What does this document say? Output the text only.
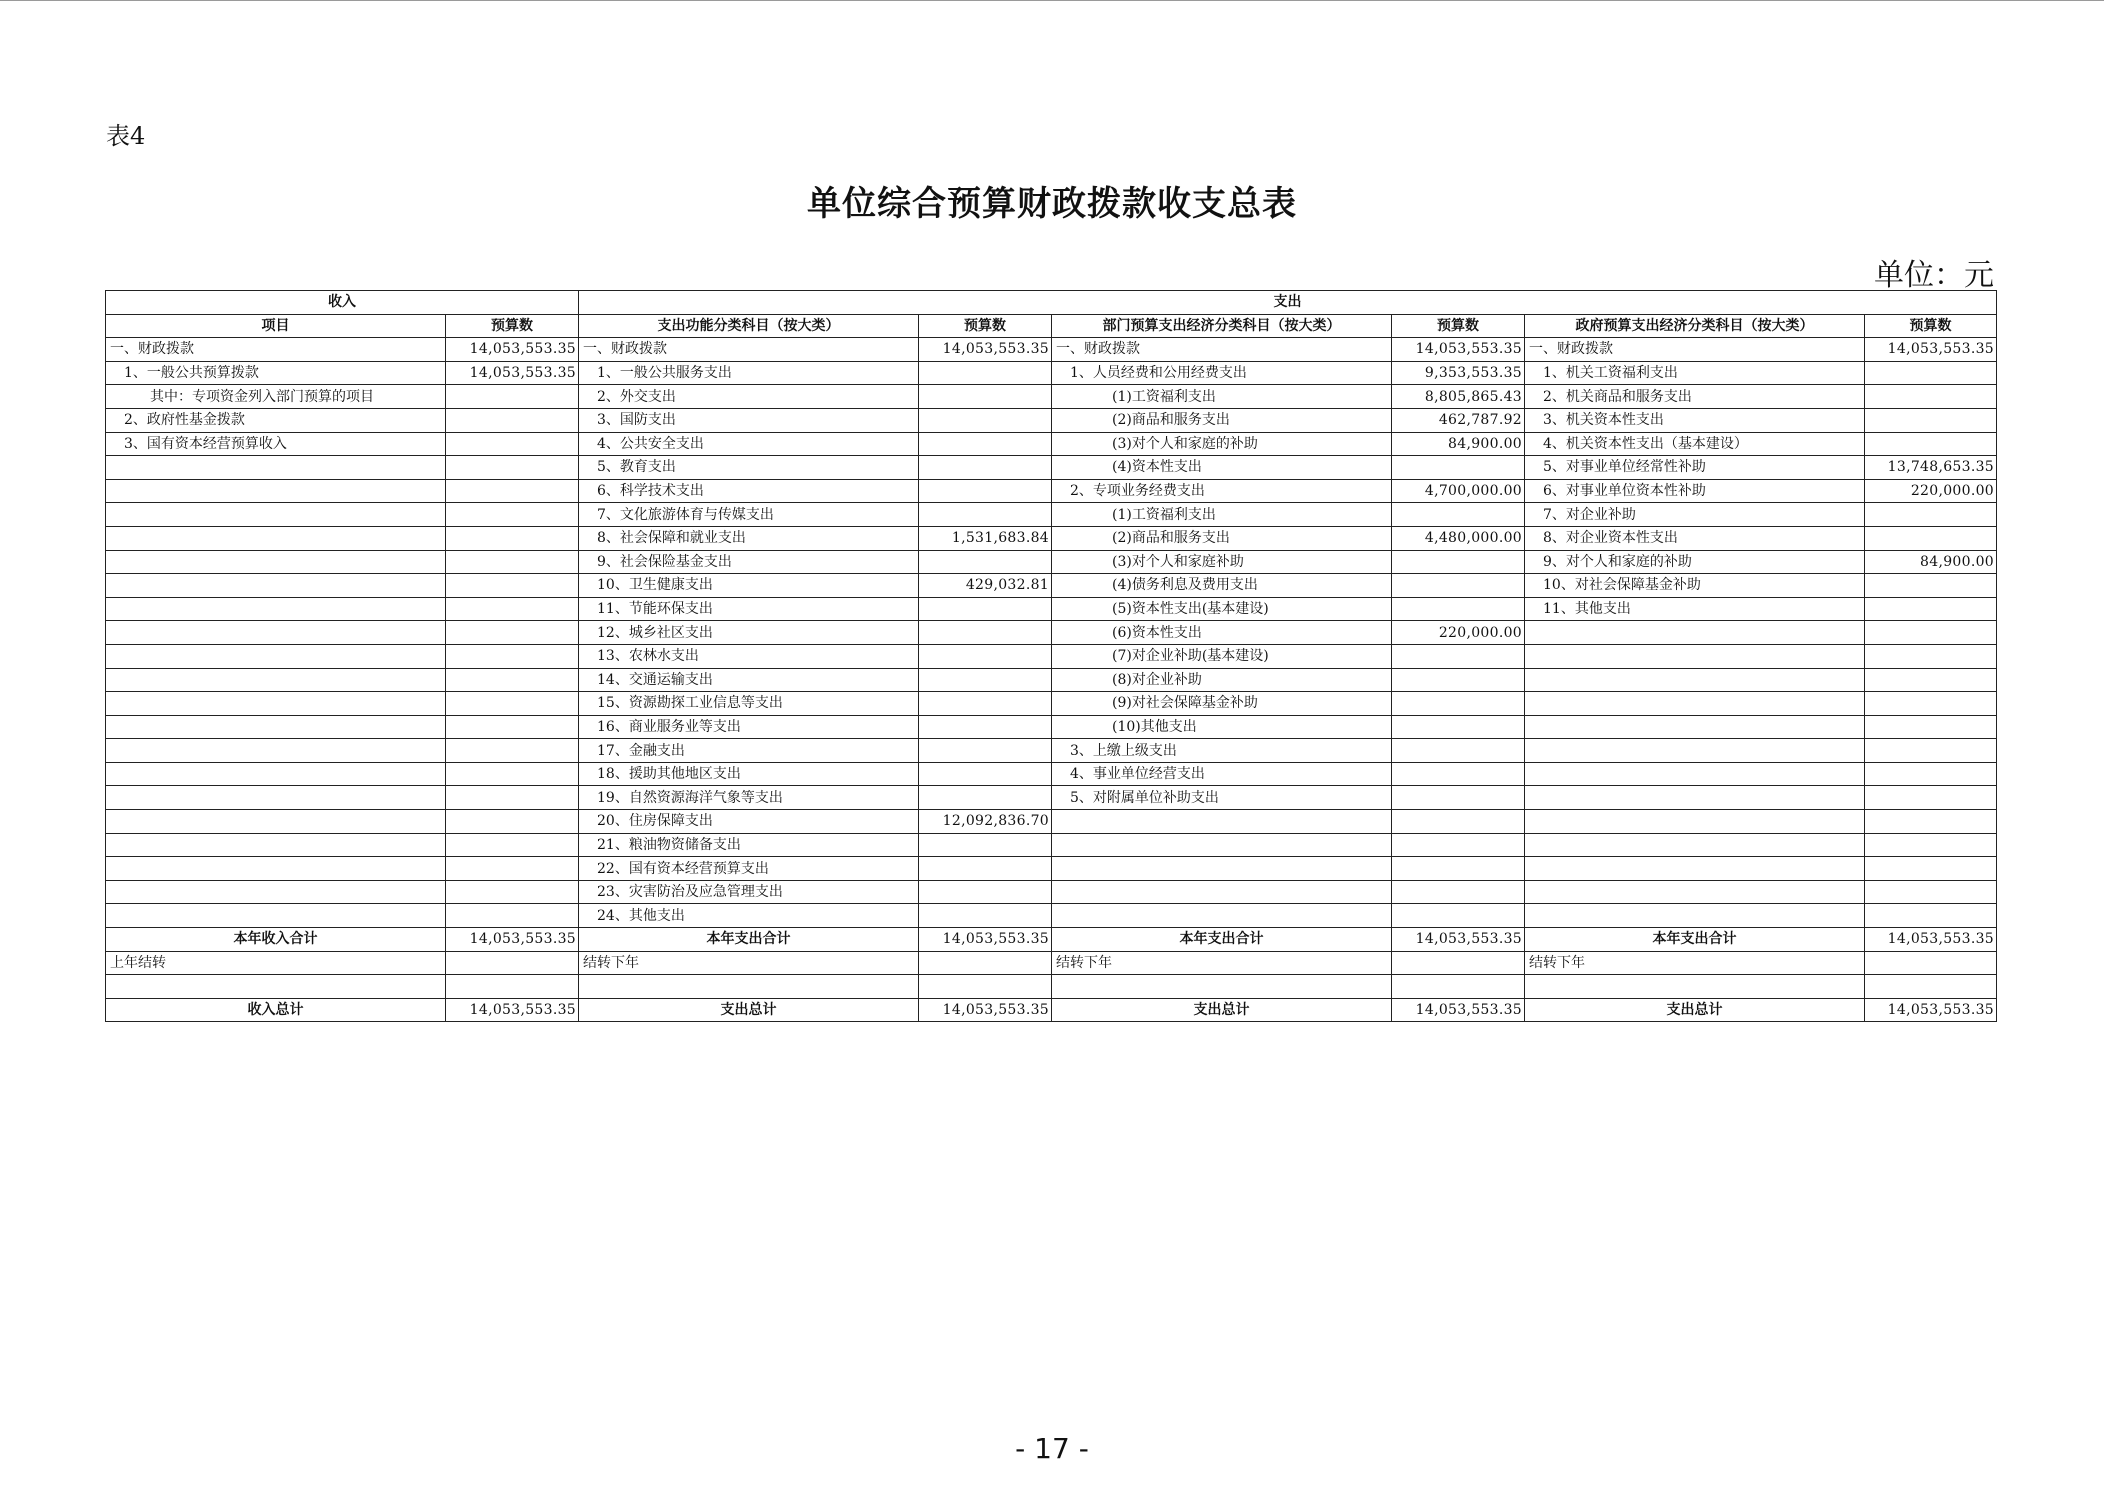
表4
单位综合预算财政拨款收支总表
单位：元
收入		支出					
项目	预算数	支出功能分类科目（按大类）	预算数	部门预算支出经济分类科目（按大类）	预算数	政府预算支出经济分类科目（按大类）	预算数
一、财政拨款	14,053,553.35	一、财政拨款	14,053,553.35	一、财政拨款	14,053,553.35	一、财政拨款	14,053,553.35
1、一般公共预算拨款	14,053,553.35	1、一般公共服务支出		1、人员经费和公用经费支出	9,353,553.35	1、机关工资福利支出	
其中：专项资金列入部门预算的项目		2、外交支出		(1)工资福利支出	8,805,865.43	2、机关商品和服务支出	
2、政府性基金拨款		3、国防支出		(2)商品和服务支出	462,787.92	3、机关资本性支出	
3、国有资本经营预算收入		4、公共安全支出		(3)对个人和家庭的补助	84,900.00	4、机关资本性支出（基本建设）	
		5、教育支出		(4)资本性支出		5、对事业单位经常性补助	13,748,653.35
		6、科学技术支出		2、专项业务经费支出	4,700,000.00	6、对事业单位资本性补助	220,000.00
		7、文化旅游体育与传媒支出		(1)工资福利支出		7、对企业补助	
		8、社会保障和就业支出	1,531,683.84	(2)商品和服务支出	4,480,000.00	8、对企业资本性支出	
		9、社会保险基金支出		(3)对个人和家庭补助		9、对个人和家庭的补助	84,900.00
		10、卫生健康支出	429,032.81	(4)债务利息及费用支出		10、对社会保障基金补助	
		11、节能环保支出		(5)资本性支出(基本建设)		11、其他支出	
		12、城乡社区支出		(6)资本性支出	220,000.00		
		13、农林水支出		(7)对企业补助(基本建设)			
		14、交通运输支出		(8)对企业补助			
		15、资源勘探工业信息等支出		(9)对社会保障基金补助			
		16、商业服务业等支出		(10)其他支出			
		17、金融支出		3、上缴上级支出			
		18、援助其他地区支出		4、事业单位经营支出			
		19、自然资源海洋气象等支出		5、对附属单位补助支出			
		20、住房保障支出	12,092,836.70				
		21、粮油物资储备支出					
		22、国有资本经营预算支出					
		23、灾害防治及应急管理支出					
		24、其他支出					
本年收入合计	14,053,553.35	本年支出合计	14,053,553.35	本年支出合计	14,053,553.35	本年支出合计	14,053,553.35
上年结转		结转下年		结转下年		结转下年	

收入总计	14,053,553.35	支出总计	14,053,553.35	支出总计	14,053,553.35	支出总计	14,053,553.35
- 17 -
